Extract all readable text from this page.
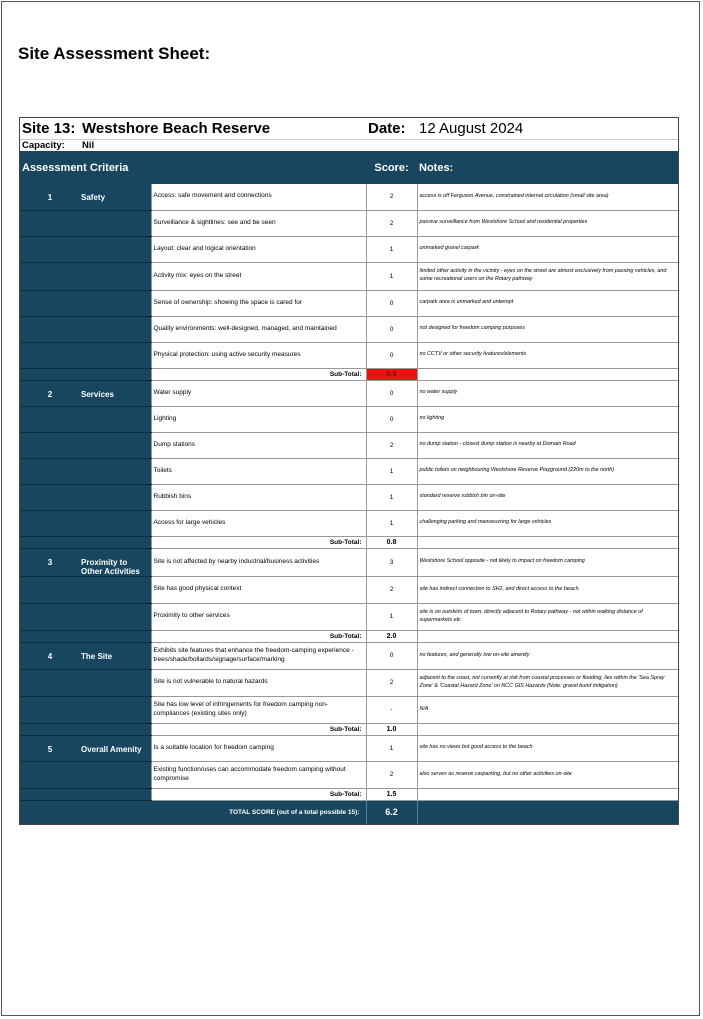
Site Assessment Sheet:
Site 13:	Westshore Beach Reserve		Date:	12 August 2024
Capacity:	Nil			
Assessment Criteria			Score:	Notes:
1	Safety	Access: safe movement and connections	2	access is off Ferguson Avenue, constrained internal circulation (small site area)
		Surveillance & sightlines: see and be seen	2	passive surveillance from Westshore School and residential properties
		Layout: clear and logical orientation	1	unmarked gravel carpark
		Activity mix: eyes on the street	1	limited other activity in the vicinity - eyes on the street are almost exclusively from passing vehicles, and some recreational users on the Rotary pathway
		Sense of ownership: showing the space is cared for	0	carpark area is unmarked and unkempt
		Quality environments: well-designed, managed, and maintained	0	not designed for freedom camping purposes
		Physical protection: using active security measures	0	no CCTV or other security features/elements
		Sub-Total:	0.9	
2	Services	Water supply	0	no water supply
		Lighting	0	no lighting
		Dump stations	2	no dump station - closest dump station is nearby at Domain Road
		Toilets	1	public toilets on neighbouring Westshore Reserve Playground (220m to the north)
		Rubbish bins	1	standard reserve rubbish bin on-site
		Access for large vehicles	1	challenging parking and manoeuvring for large vehicles
		Sub-Total:	0.8	
3	Proximity to Other Activities	Site is not affected by nearby industrial/business activities	3	Westshore School opposite - not likely to impact on freedom camping
		Site has good physical context	2	site has indirect connection to SH2, and direct access to the beach
		Proximity to other services	1	site is on outskirts of town, directly adjacent to Rotary pathway - not within walking distance of supermarkets etc
		Sub-Total:	2.0	
4	The Site	Exhibits site features that enhance the freedom-camping experience - trees/shade/bollards/signage/surface/marking	0	no features, and generally low on-site amenity
		Site is not vulnerable to natural hazards	2	adjacent to the coast, not currently at risk from coastal processes or flooding, lies within the 'Sea Spray Zone' & 'Coastal Hazard Zone' on NCC GIS Hazards (Note: gravel bund mitigation)
		Site has low level of infringements for freedom camping non-compliances (existing sites only)	-	N/A
		Sub-Total:	1.0	
5	Overall Amenity	Is a suitable location for freedom camping	1	site has no views but good access to the beach
		Existing function/uses can accommodate freedom camping without compromise	2	also serves as reserve carparking, but no other activities on-site
		Sub-Total:	1.5	
		TOTAL SCORE (out of a total possible 15):	6.2	
